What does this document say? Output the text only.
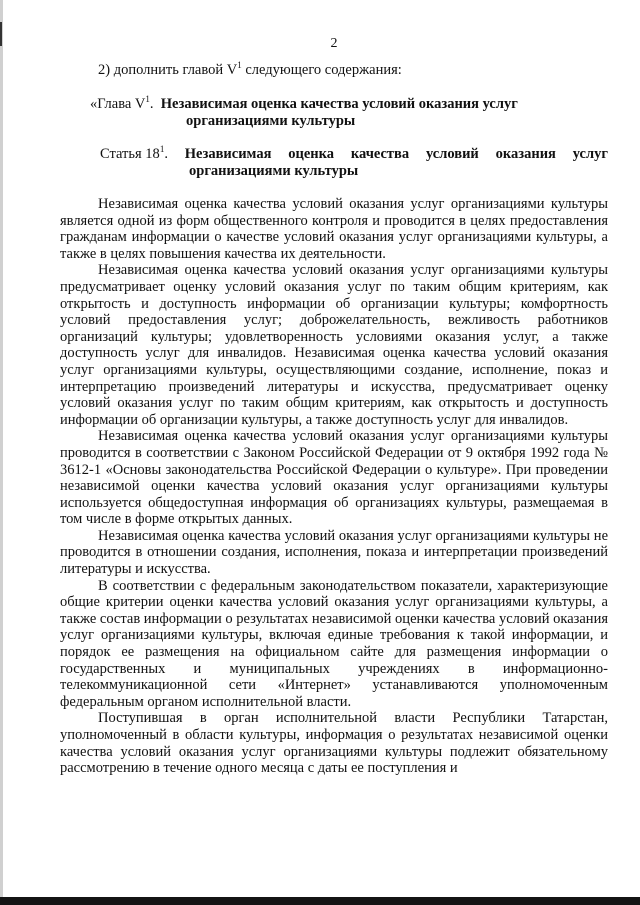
2
2) дополнить главой $V^1$ следующего содержания:
«Глава $V^1$. Независимая оценка качества условий оказания услуг
организациями культуры
Статья $18^1$. Независимая оценка качества условий оказания услуг
организациями культуры

Независимая оценка качества условий оказания услуг организациями культуры является одной из форм общественного контроля и проводится в целях предоставления гражданам информации о качестве условий оказания услуг организациями культуры, а также в целях повышения качества их деятельности.

Независимая оценка качества условий оказания услуг организациями культуры предусматривает оценку условий оказания услуг по таким общим критериям, как открытость и доступность информации об организации культуры; комфортность условий предоставления услуг; доброжелательность, вежливость работников организаций культуры; удовлетворенность условиями оказания услуг, а также доступность услуг для инвалидов. Независимая оценка качества условий оказания услуг организациями культуры, осуществляющими создание, исполнение, показ и интерпретацию произведений литературы и искусства, предусматривает оценку условий оказания услуг по таким общим критериям, как открытость и доступность информации об организации культуры, а также доступность услуг для инвалидов.

Независимая оценка качества условий оказания услуг организациями культуры проводится в соответствии с Законом Российской Федерации от 9 октября 1992 года № 3612-1 «Основы законодательства Российской Федерации о культуре». При проведении независимой оценки качества условий оказания услуг организациями культуры используется общедоступная информация об организациях культуры, размещаемая в том числе в форме открытых данных.

Независимая оценка качества условий оказания услуг организациями культуры не проводится в отношении создания, исполнения, показа и интерпретации произведений литературы и искусства.

В соответствии с федеральным законодательством показатели, характеризующие общие критерии оценки качества условий оказания услуг организациями культуры, а также состав информации о результатах независимой оценки качества условий оказания услуг организациями культуры, включая единые требования к такой информации, и порядок ее размещения на официальном сайте для размещения информации о государственных и муниципальных учреждениях в информационно-телекоммуникационной сети «Интернет» устанавливаются уполномоченным федеральным органом исполнительной власти.

Поступившая в орган исполнительной власти Республики Татарстан, уполномоченный в области культуры, информация о результатах независимой оценки качества условий оказания услуг организациями культуры подлежит обязательному рассмотрению в течение одного месяца с даты ее поступления и
